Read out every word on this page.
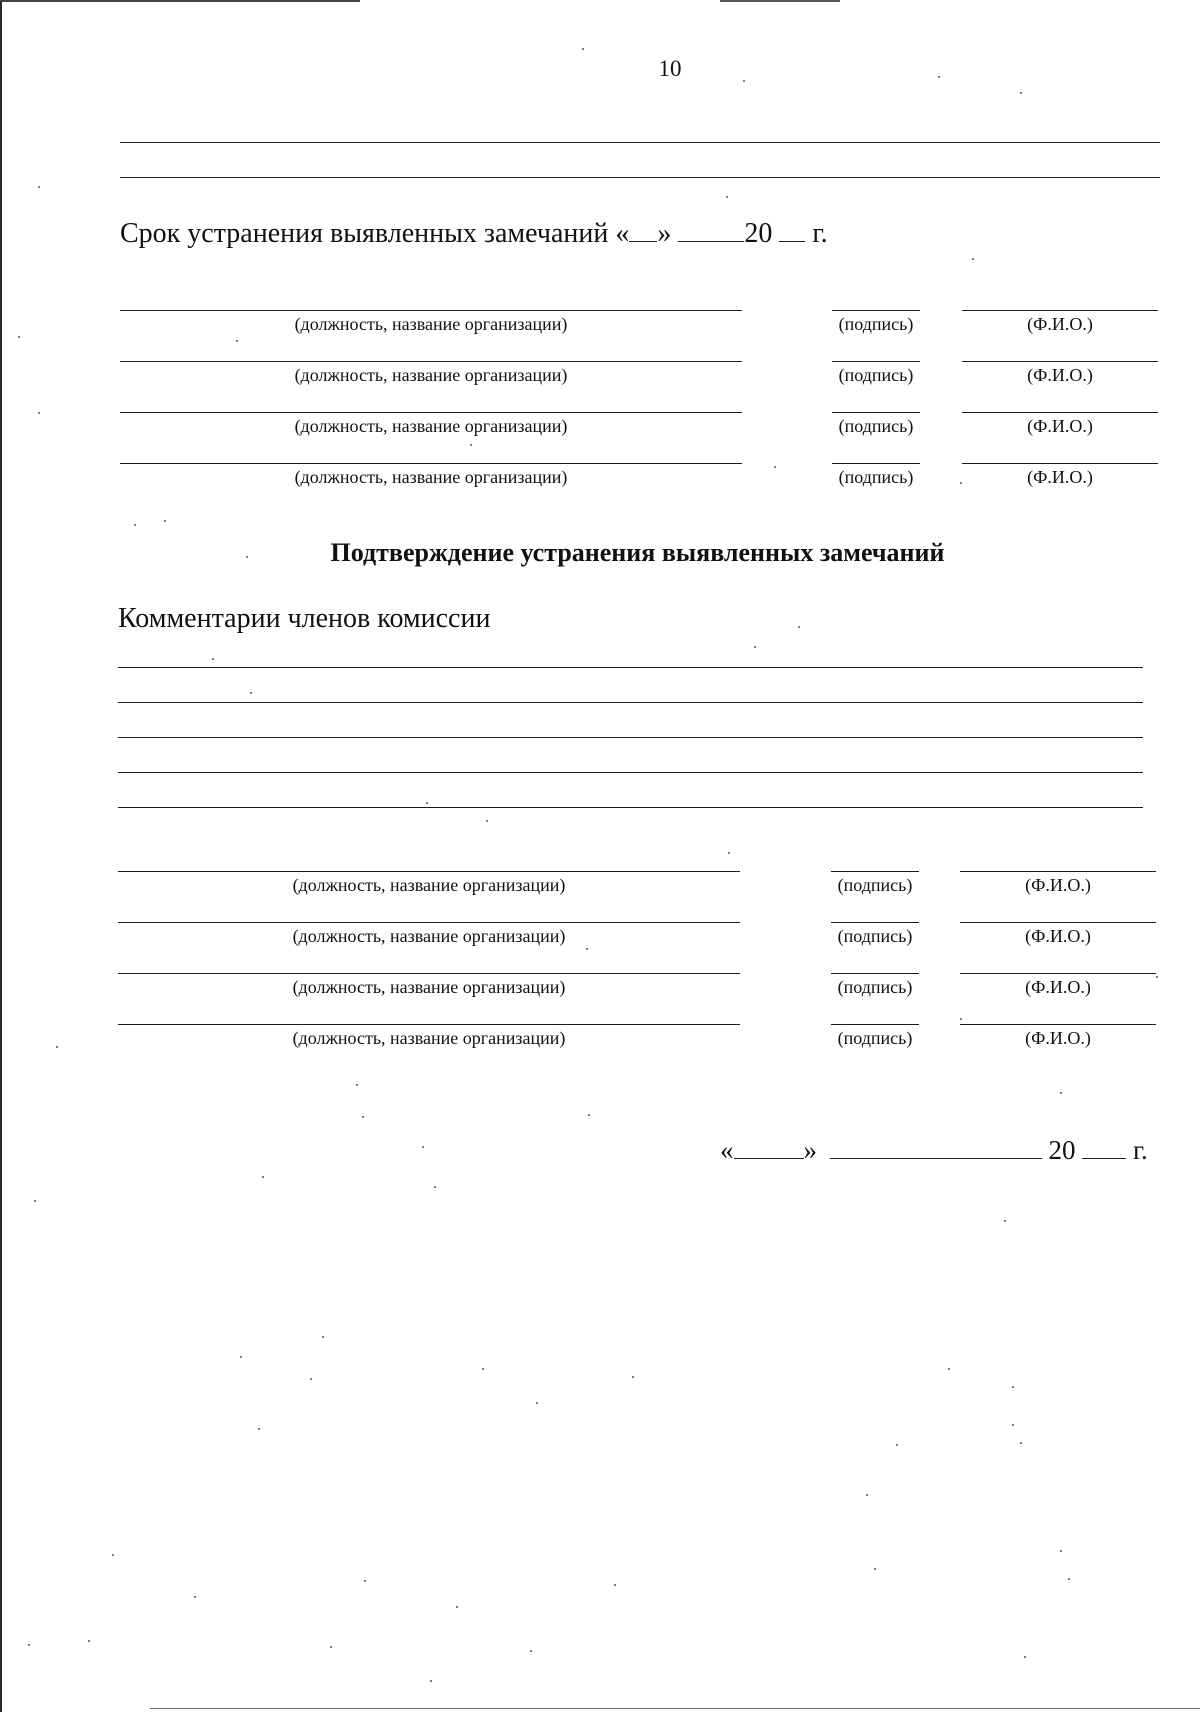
10
Срок устранения выявленных замечаний « »	20 г.
(должность, название организации)	(подпись)	(Ф.И.О.)
(должность, название организации)	(подпись)	(Ф.И.О.)
(должность, название организации)	(подпись)	(Ф.И.О.)
(должность, название организации)	(подпись)	(Ф.И.О.)
Подтверждение устранения выявленных замечаний
Комментарии членов комиссии
(должность, название организации)	(подпись)	(Ф.И.О.)
(должность, название организации)	(подпись)	(Ф.И.О.)
(должность, название организации)	(подпись)	(Ф.И.О.)
(должность, название организации)	(подпись)	(Ф.И.О.)
«	»	20 г.
